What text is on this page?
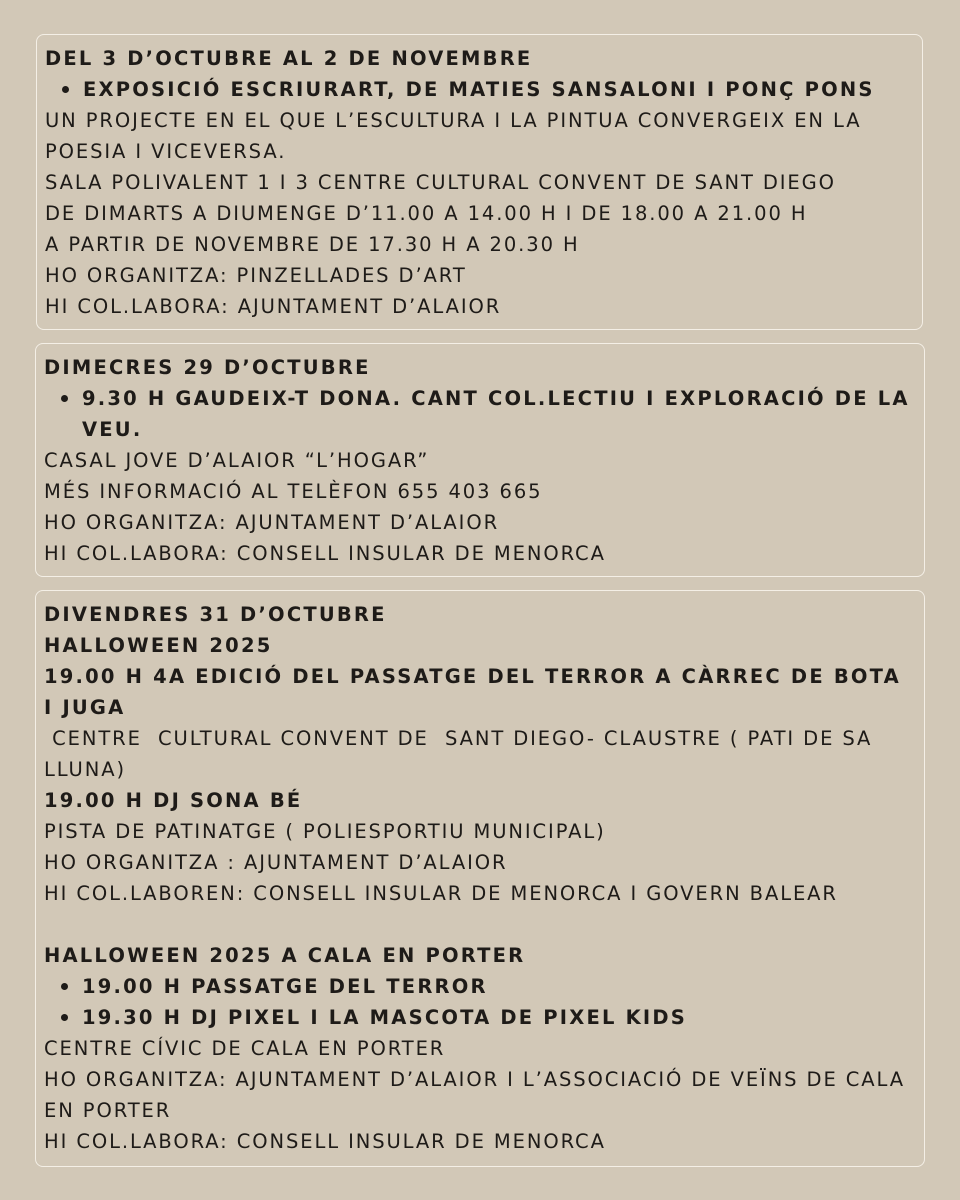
DEL 3 D’OCTUBRE AL 2 DE NOVEMBRE
EXPOSICIÓ ESCRIURART, DE MATIES SANSALONI I PONÇ PONS
UN PROJECTE EN EL QUE L’ESCULTURA I LA PINTUA CONVERGEIX EN LA POESIA I VICEVERSA.
SALA POLIVALENT 1 I 3 CENTRE CULTURAL CONVENT DE SANT DIEGO
DE DIMARTS A DIUMENGE D’11.00 A 14.00 H I DE 18.00 A 21.00 H
A PARTIR DE NOVEMBRE DE 17.30 H A 20.30 H
HO ORGANITZA: PINZELLADES D’ART
HI COL.LABORA: AJUNTAMENT D’ALAIOR
DIMECRES 29 D’OCTUBRE
9.30 H GAUDEIX-T DONA. CANT COL.LECTIU I EXPLORACIÓ DE LA VEU.
CASAL JOVE D’ALAIOR “L’HOGAR”
MÉS INFORMACIÓ AL TELÈFON 655 403 665
HO ORGANITZA: AJUNTAMENT D’ALAIOR
HI COL.LABORA: CONSELL INSULAR DE MENORCA
DIVENDRES 31 D’OCTUBRE
HALLOWEEN 2025
19.00 H 4A EDICIÓ DEL PASSATGE DEL TERROR A CÀRREC DE BOTA I JUGA
CENTRE  CULTURAL CONVENT DE  SANT DIEGO- CLAUSTRE ( PATI DE SA LLUNA)
19.00 H DJ SONA BÉ
PISTA DE PATINATGE ( POLIESPORTIU MUNICIPAL)
HO ORGANITZA : AJUNTAMENT D’ALAIOR
HI COL.LABOREN: CONSELL INSULAR DE MENORCA I GOVERN BALEAR
HALLOWEEN 2025 A CALA EN PORTER
19.00 H PASSATGE DEL TERROR
19.30 H DJ PIXEL I LA MASCOTA DE PIXEL KIDS
CENTRE CÍVIC DE CALA EN PORTER
HO ORGANITZA: AJUNTAMENT D’ALAIOR I L’ASSOCIACIÓ DE VEÏNS DE CALA EN PORTER
HI COL.LABORA: CONSELL INSULAR DE MENORCA
